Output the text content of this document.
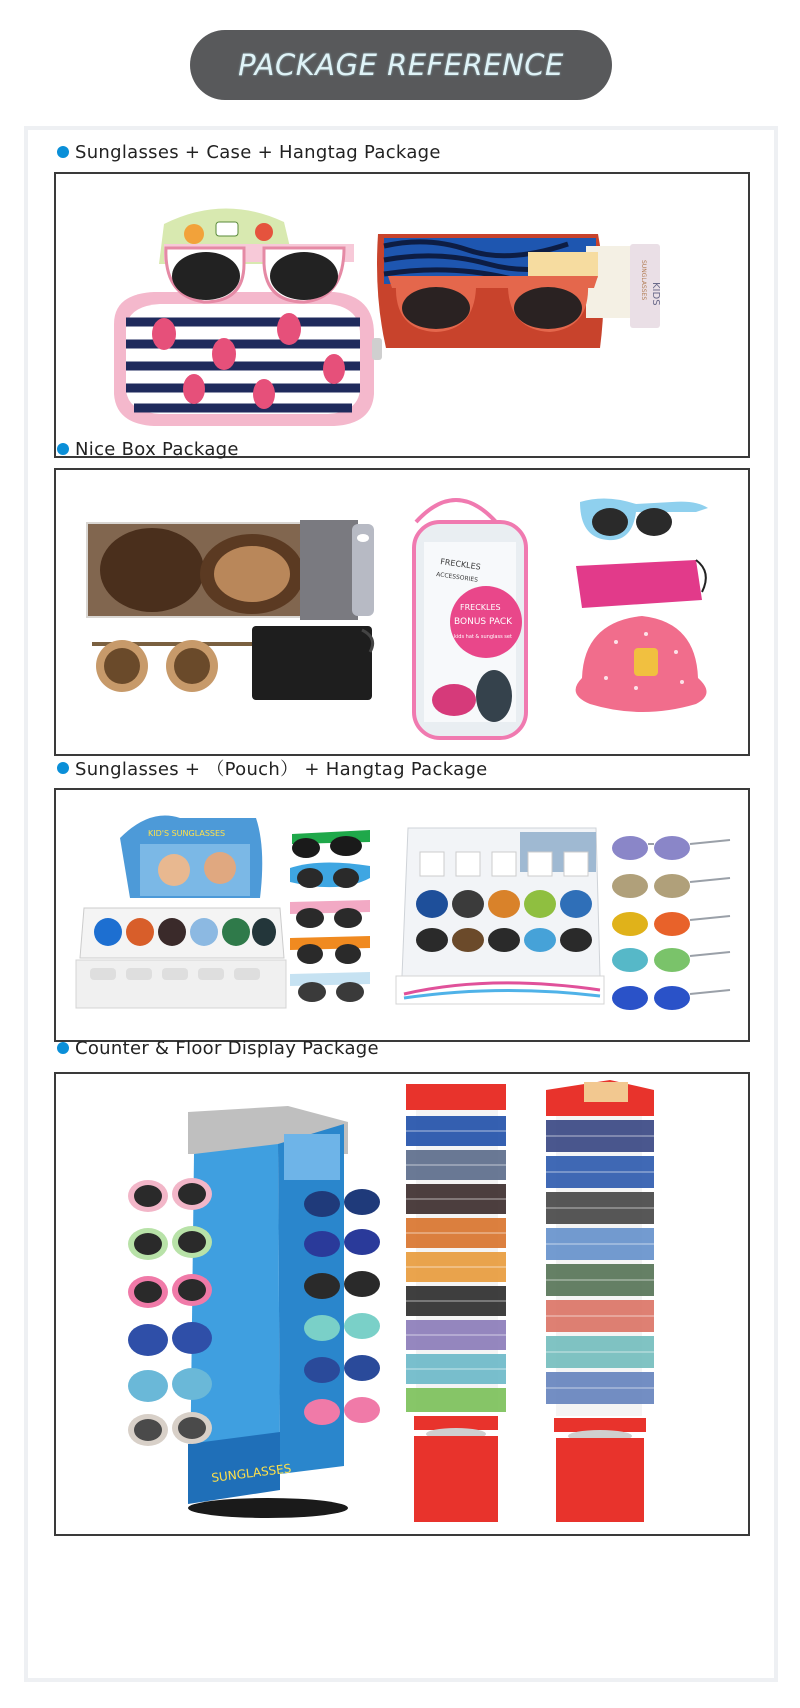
PACKAGE REFERENCE
Sunglasses + Case + Hangtag Package
KIDS
SUNGLASSES
Nice Box Package
FRECKLES
ACCESSORIES
FRECKLES
BONUS PACK
kids hat & sunglass set
Sunglasses + （Pouch） + Hangtag Package
KID'S SUNGLASSES
Counter & Floor Display Package
SUNGLASSES
